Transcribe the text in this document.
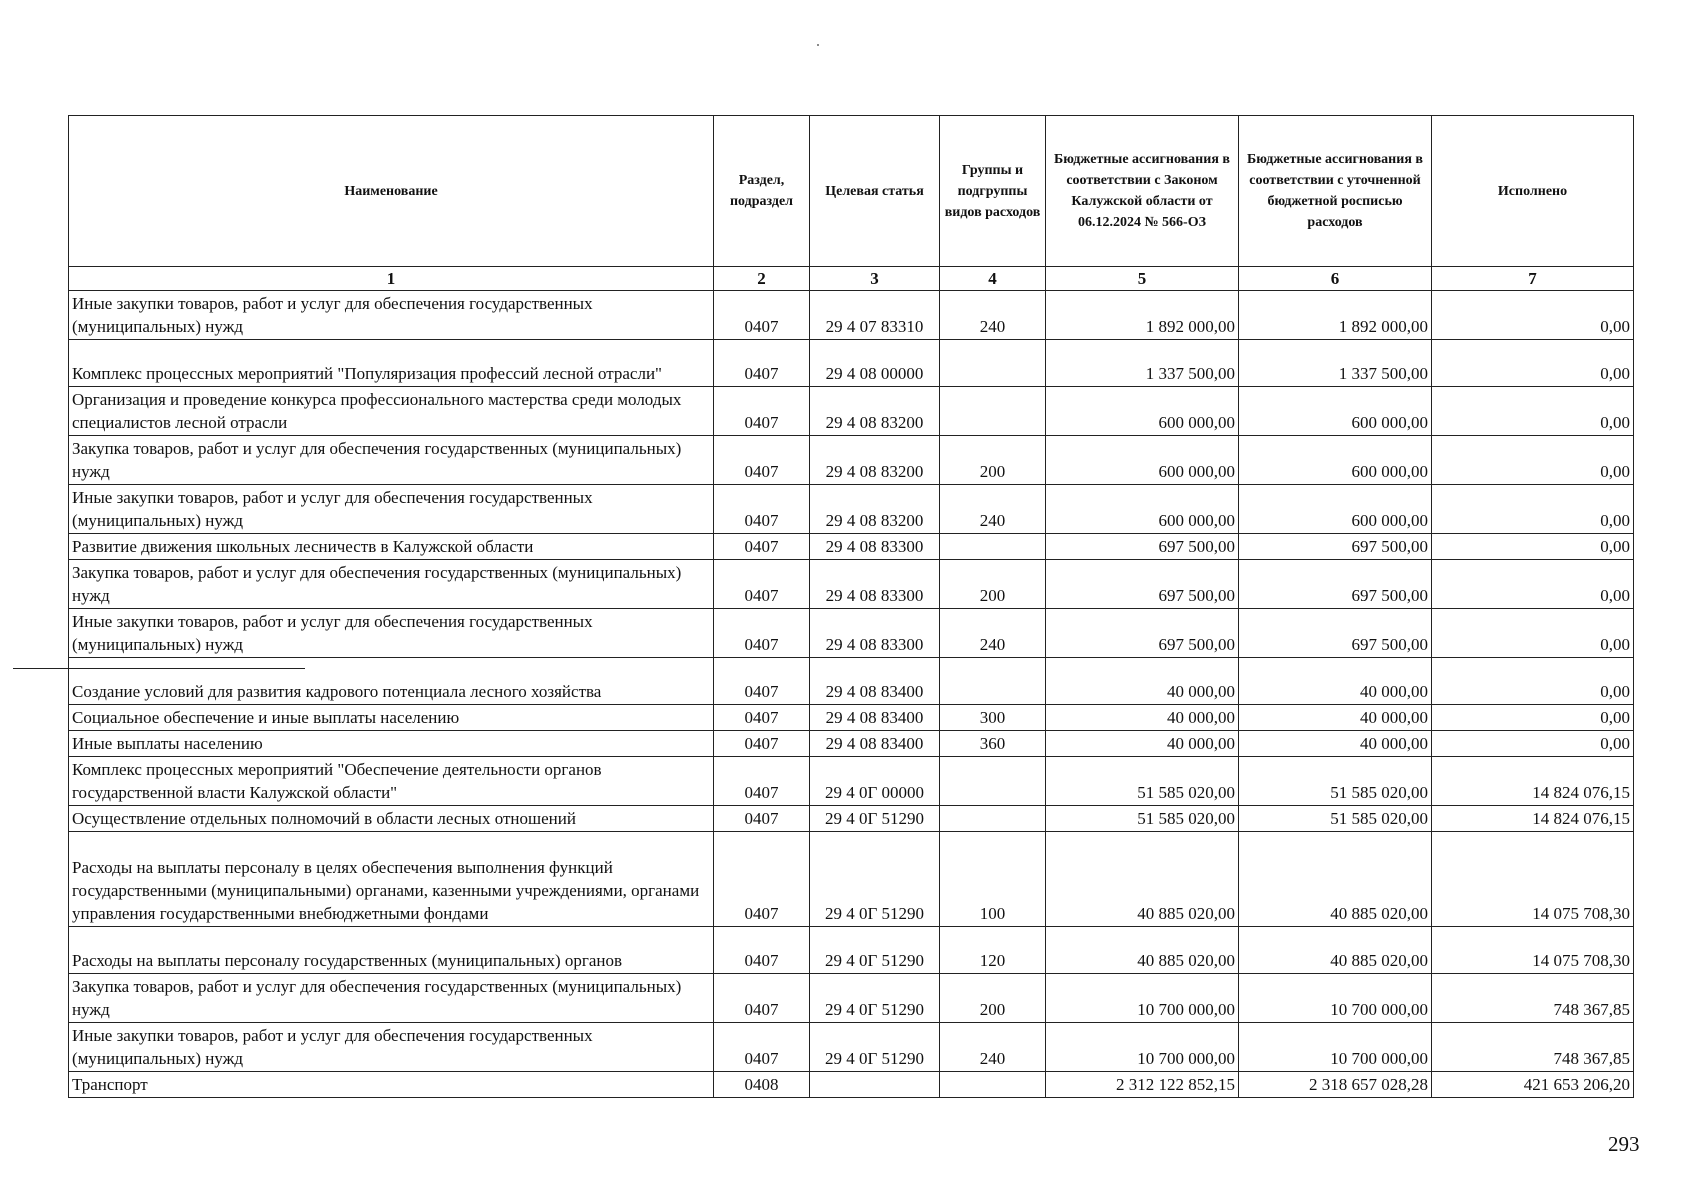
Наименование	Раздел, подраздел	Целевая статья	Группы и подгруппы видов расходов	Бюджетные ассигнования в соответствии с Законом Калужской области от 06.12.2024 № 566-ОЗ	Бюджетные ассигнования в соответствии с уточненной бюджетной росписью расходов	Исполнено
1	2	3	4	5	6	7
Иные закупки товаров, работ и услуг для обеспечения государственных (муниципальных) нужд	0407	29 4 07 83310	240	1 892 000,00	1 892 000,00	0,00
Комплекс процессных мероприятий "Популяризация профессий лесной отрасли"	0407	29 4 08 00000		1 337 500,00	1 337 500,00	0,00
Организация и проведение конкурса профессионального мастерства среди молодых специалистов лесной отрасли	0407	29 4 08 83200		600 000,00	600 000,00	0,00
Закупка товаров, работ и услуг для обеспечения государственных (муниципальных) нужд	0407	29 4 08 83200	200	600 000,00	600 000,00	0,00
Иные закупки товаров, работ и услуг для обеспечения государственных (муниципальных) нужд	0407	29 4 08 83200	240	600 000,00	600 000,00	0,00
Развитие движения школьных лесничеств в Калужской области	0407	29 4 08 83300		697 500,00	697 500,00	0,00
Закупка товаров, работ и услуг для обеспечения государственных (муниципальных) нужд	0407	29 4 08 83300	200	697 500,00	697 500,00	0,00
Иные закупки товаров, работ и услуг для обеспечения государственных (муниципальных) нужд	0407	29 4 08 83300	240	697 500,00	697 500,00	0,00
Создание условий для развития кадрового потенциала лесного хозяйства	0407	29 4 08 83400		40 000,00	40 000,00	0,00
Социальное обеспечение и иные выплаты населению	0407	29 4 08 83400	300	40 000,00	40 000,00	0,00
Иные выплаты населению	0407	29 4 08 83400	360	40 000,00	40 000,00	0,00
Комплекс процессных мероприятий "Обеспечение деятельности органов государственной власти Калужской области"	0407	29 4 0Г 00000		51 585 020,00	51 585 020,00	14 824 076,15
Осуществление отдельных полномочий в области лесных отношений	0407	29 4 0Г 51290		51 585 020,00	51 585 020,00	14 824 076,15
Расходы на выплаты персоналу в целях обеспечения выполнения функций государственными (муниципальными) органами, казенными учреждениями, органами управления государственными внебюджетными фондами	0407	29 4 0Г 51290	100	40 885 020,00	40 885 020,00	14 075 708,30
Расходы на выплаты персоналу государственных (муниципальных) органов	0407	29 4 0Г 51290	120	40 885 020,00	40 885 020,00	14 075 708,30
Закупка товаров, работ и услуг для обеспечения государственных (муниципальных) нужд	0407	29 4 0Г 51290	200	10 700 000,00	10 700 000,00	748 367,85
Иные закупки товаров, работ и услуг для обеспечения государственных (муниципальных) нужд	0407	29 4 0Г 51290	240	10 700 000,00	10 700 000,00	748 367,85
Транспорт	0408			2 312 122 852,15	2 318 657 028,28	421 653 206,20
293
